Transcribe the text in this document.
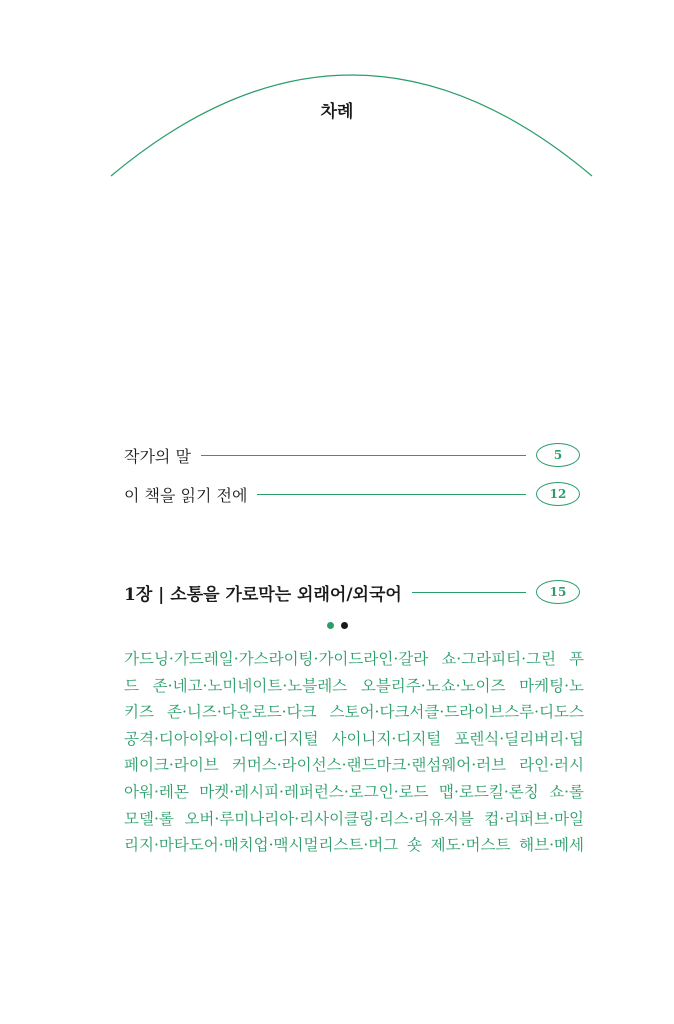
차례
작가의 말	5
이 책을 읽기 전에	12
1장 | 소통을 가로막는 외래어/외국어	15
가드닝·가드레일·가스라이팅·가이드라인·갈라 쇼·그라피티·그린 푸
드 존·네고·노미네이트·노블레스 오블리주·노쇼·노이즈 마케팅·노
키즈 존·니즈·다운로드·다크 스토어·다크서클·드라이브스루·디도스
공격·디아이와이·디엠·디지털 사이니지·디지털 포렌식·딜리버리·딥
페이크·라이브 커머스·라이선스·랜드마크·랜섬웨어·러브 라인·러시
아워·레몬 마켓·레시피·레퍼런스·로그인·로드 맵·로드킬·론칭 쇼·롤
모델·롤 오버·루미나리아·리사이클링·리스·리유저블 컵·리퍼브·마일
리지·마타도어·매치업·맥시멀리스트·머그 숏 제도·머스트 해브·메세
